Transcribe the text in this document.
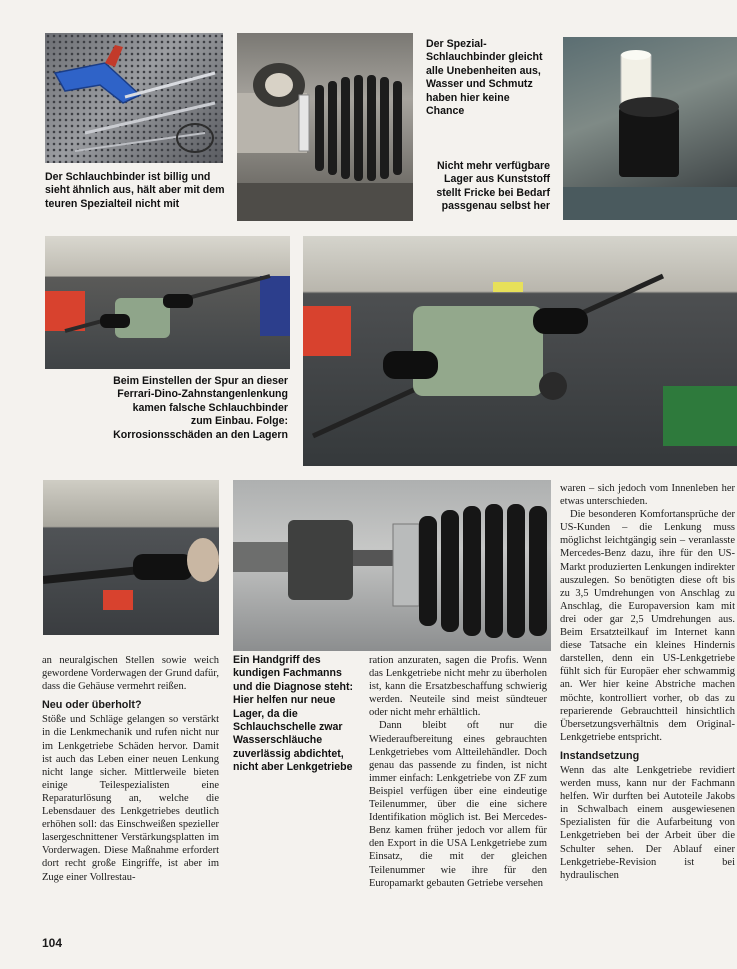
Der Schlauchbinder ist billig und sieht ähnlich aus, hält aber mit dem teuren Spezialteil nicht mit
Der Spezial-Schlauchbinder gleicht alle Unebenheiten aus, Wasser und Schmutz haben hier keine Chance
Nicht mehr verfügbare Lager aus Kunststoff stellt Fricke bei Bedarf passgenau selbst her
Beim Einstellen der Spur an dieser Ferrari-Dino-Zahnstangenlenkung kamen falsche Schlauchbinder zum Einbau. Folge: Korrosionsschäden an den Lagern

an neuralgischen Stellen sowie weich gewordene Vorderwagen der Grund dafür, dass die Gehäuse vermehrt reißen.

Neu oder überholt?

Stöße und Schläge gelangen so verstärkt in die Lenkmechanik und rufen nicht nur im Lenkgetriebe Schäden hervor. Damit ist auch das Leben einer neuen Lenkung nicht lange sicher. Mittlerweile bieten einige Teilespezialisten eine Reparaturlösung an, welche die Lebensdauer des Lenkgetriebes deutlich erhöhen soll: das Einschweißen spezieller lasergeschnittener Verstärkungsplatten im Vorderwagen. Diese Maßnahme erfordert dort recht große Eingriffe, ist aber im Zuge einer Vollrestau-

Ein Handgriff des kundigen Fachmanns und die Diagnose steht: Hier helfen nur neue Lager, da die Schlauchschelle zwar Wasserschläuche zuverlässig abdichtet, nicht aber Lenkgetriebe

ration anzuraten, sagen die Profis. Wenn das Lenkgetriebe nicht mehr zu überholen ist, kann die Ersatzbeschaffung schwierig werden. Neuteile sind meist sündteuer oder nicht mehr erhältlich.

Dann bleibt oft nur die Wiederaufbereitung eines gebrauchten Lenkgetriebes vom Altteilehändler. Doch genau das passende zu finden, ist nicht immer einfach: Lenkgetriebe von ZF zum Beispiel verfügen über eine eindeutige Teilenummer, über die eine sichere Identifikation möglich ist. Bei Mercedes-Benz kamen früher jedoch vor allem für den Export in die USA Lenkgetriebe zum Einsatz, die mit der gleichen Teilenummer wie ihre für den Europamarkt gebauten Getriebe versehen

waren – sich jedoch vom Innenleben her etwas unterschieden.

Die besonderen Komfortansprüche der US-Kunden – die Lenkung muss möglichst leichtgängig sein – veranlasste Mercedes-Benz dazu, ihre für den US-Markt produzierten Lenkungen indirekter auszulegen. So benötigten diese oft bis zu 3,5 Umdrehungen von Anschlag zu Anschlag, die Europaversion kam mit drei oder gar 2,5 Umdrehungen aus. Beim Ersatzteilkauf im Internet kann diese Tatsache ein kleines Hindernis darstellen, denn ein US-Lenkgetriebe fühlt sich für Europäer eher schwammig an. Wer hier keine Abstriche machen möchte, kontrolliert vorher, ob das zu reparierende Gebrauchtteil hinsichtlich Übersetzungsverhältnis dem Original-Lenkgetriebe entspricht.

Instandsetzung

Wenn das alte Lenkgetriebe revidiert werden muss, kann nur der Fachmann helfen. Wir durften bei Autoteile Jakobs in Schwalbach einem ausgewiesenen Spezialisten für die Aufarbeitung von Lenkgetrieben bei der Arbeit über die Schulter sehen. Der Ablauf einer Lenkgetriebe-Revision ist bei hydraulischen

104
